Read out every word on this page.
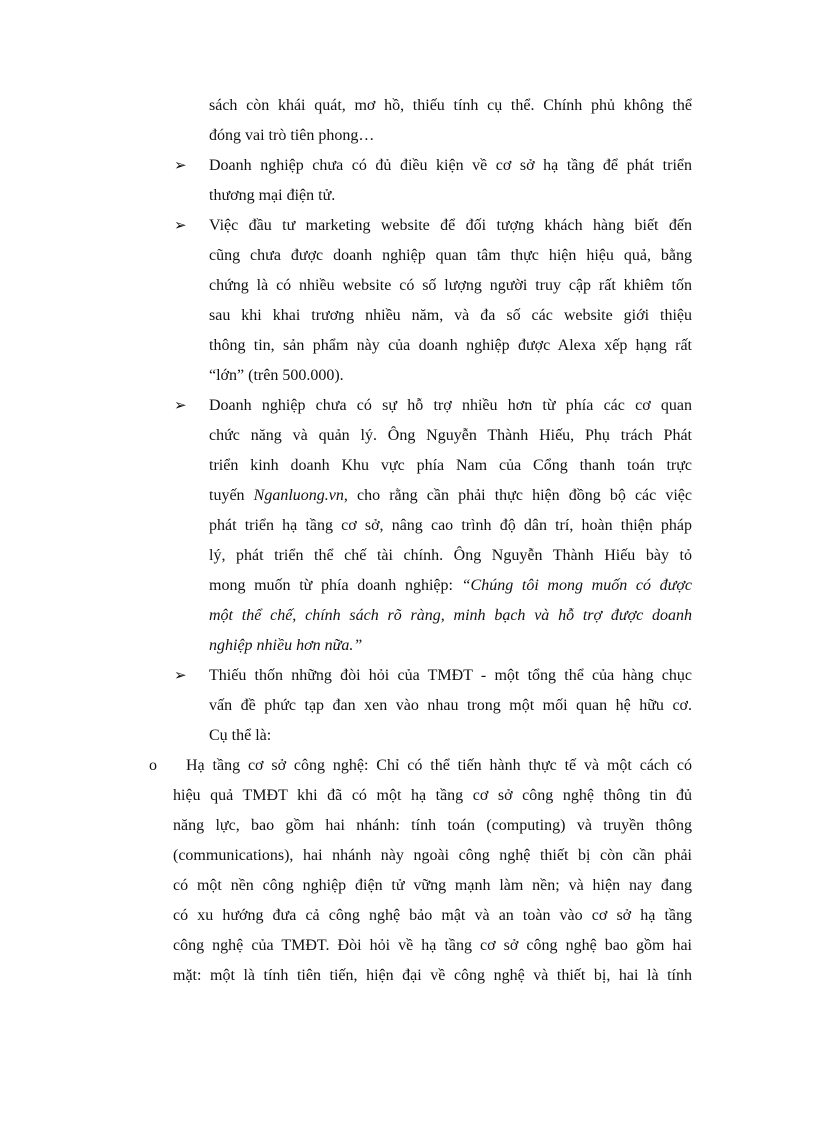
sách còn khái quát, mơ hồ, thiếu tính cụ thể. Chính phủ không thể
đóng vai trò tiên phong…
➢ Doanh nghiệp chưa có đủ điều kiện về cơ sở hạ tầng để phát triển
thương mại điện tử.
➢ Việc đầu tư marketing website để đối tượng khách hàng biết đến
cũng chưa được doanh nghiệp quan tâm thực hiện hiệu quả, bằng
chứng là có nhiều website có số lượng người truy cập rất khiêm tốn
sau khi khai trương nhiều năm, và đa số các website giới thiệu
thông tin, sản phẩm này của doanh nghiệp được Alexa xếp hạng rất
“lớn” (trên 500.000).
➢ Doanh nghiệp chưa có sự hỗ trợ nhiều hơn từ phía các cơ quan
chức năng và quản lý. Ông Nguyễn Thành Hiếu, Phụ trách Phát
triển kinh doanh Khu vực phía Nam của Cổng thanh toán trực
tuyến Nganluong.vn, cho rằng cần phải thực hiện đồng bộ các việc
phát triển hạ tầng cơ sở, nâng cao trình độ dân trí, hoàn thiện pháp
lý, phát triển thể chế tài chính. Ông Nguyễn Thành Hiếu bày tỏ
mong muốn từ phía doanh nghiệp: “Chúng tôi mong muốn có được
một thể chế, chính sách rõ ràng, minh bạch và hỗ trợ được doanh
nghiệp nhiều hơn nữa.”
➢ Thiếu thốn những đòi hỏi của TMĐT - một tổng thể của hàng chục
vấn đề phức tạp đan xen vào nhau trong một mối quan hệ hữu cơ.
Cụ thể là:
o Hạ tầng cơ sở công nghệ: Chỉ có thể tiến hành thực tế và một cách có
hiệu quả TMĐT khi đã có một hạ tầng cơ sở công nghệ thông tin đủ
năng lực, bao gồm hai nhánh: tính toán (computing) và truyền thông
(communications), hai nhánh này ngoài công nghệ thiết bị còn cần phải
có một nền công nghiệp điện tử vững mạnh làm nền; và hiện nay đang
có xu hướng đưa cả công nghệ bảo mật và an toàn vào cơ sở hạ tầng
công nghệ của TMĐT. Đòi hỏi về hạ tầng cơ sở công nghệ bao gồm hai
mặt: một là tính tiên tiến, hiện đại về công nghệ và thiết bị, hai là tính
